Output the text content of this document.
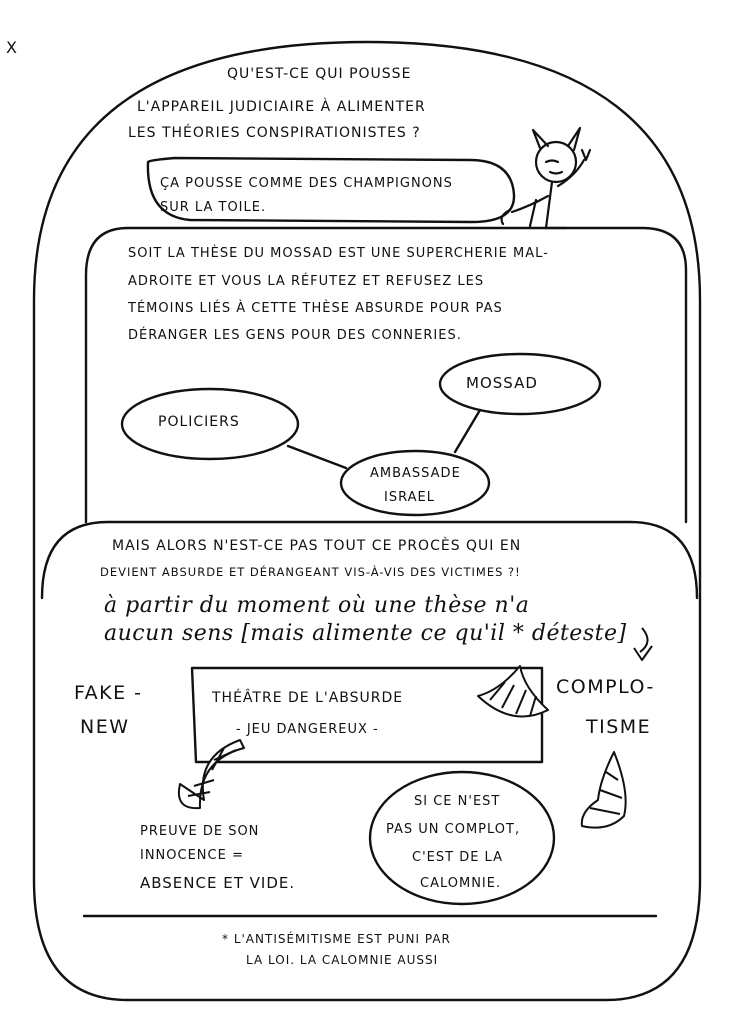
X

QU'EST-CE QUI POUSSE

L'APPAREIL JUDICIAIRE À ALIMENTER

LES THÉORIES CONSPIRATIONISTES ?

ÇA POUSSE COMME DES CHAMPIGNONS

SUR LA TOILE.

SOIT LA THÈSE DU MOSSAD EST UNE SUPERCHERIE MAL-

ADROITE ET VOUS LA RÉFUTEZ ET REFUSEZ LES

TÉMOINS LIÉS À CETTE THÈSE ABSURDE POUR PAS

DÉRANGER LES GENS POUR DES CONNERIES.

MOSSAD

POLICIERS

AMBASSADE

ISRAEL

MAIS ALORS N'EST-CE PAS TOUT CE PROCÈS QUI EN

DEVIENT ABSURDE ET DÉRANGEANT VIS-À-VIS DES VICTIMES ?!

à partir du moment où une thèse n'a

aucun sens [mais alimente ce qu'il * déteste]

FAKE -

NEW

COMPLO-

TISME

THÉÂTRE DE L'ABSURDE

- JEU DANGEREUX -

PREUVE DE SON

INNOCENCE =

ABSENCE ET VIDE.

SI CE N'EST

PAS UN COMPLOT,

C'EST DE LA

CALOMNIE.

* L'ANTISÉMITISME EST PUNI PAR

LA LOI. LA CALOMNIE AUSSI
